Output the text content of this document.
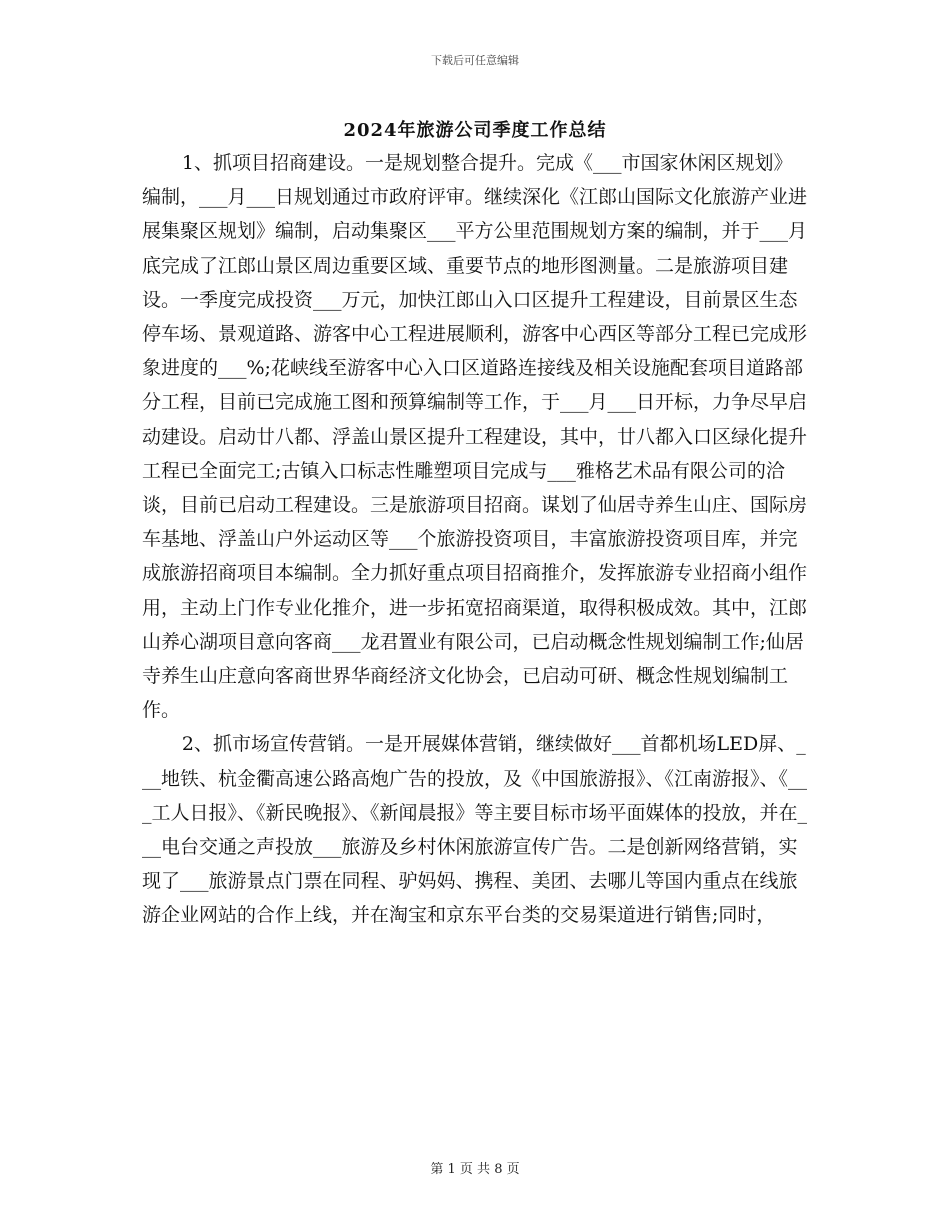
下载后可任意编辑
2024年旅游公司季度工作总结

1、抓项目招商建设。一是规划整合提升。完成《___市国家休闲区规划》编制，___月___日规划通过市政府评审。继续深化《江郎山国际文化旅游产业进展集聚区规划》编制，启动集聚区___平方公里范围规划方案的编制，并于___月底完成了江郎山景区周边重要区域、重要节点的地形图测量。二是旅游项目建设。一季度完成投资___万元，加快江郎山入口区提升工程建设，目前景区生态停车场、景观道路、游客中心工程进展顺利，游客中心西区等部分工程已完成形象进度的___%;花峡线至游客中心入口区道路连接线及相关设施配套项目道路部分工程，目前已完成施工图和预算编制等工作，于___月___日开标，力争尽早启动建设。启动廿八都、浮盖山景区提升工程建设，其中，廿八都入口区绿化提升工程已全面完工;古镇入口标志性雕塑项目完成与___雅格艺术品有限公司的洽谈，目前已启动工程建设。三是旅游项目招商。谋划了仙居寺养生山庄、国际房车基地、浮盖山户外运动区等___个旅游投资项目，丰富旅游投资项目库，并完成旅游招商项目本编制。全力抓好重点项目招商推介，发挥旅游专业招商小组作用，主动上门作专业化推介，进一步拓宽招商渠道，取得积极成效。其中，江郎山养心湖项目意向客商___龙君置业有限公司，已启动概念性规划编制工作;仙居寺养生山庄意向客商世界华商经济文化协会，已启动可研、概念性规划编制工作。

2、抓市场宣传营销。一是开展媒体营销，继续做好___首都机场LED屏、___地铁、杭金衢高速公路高炮广告的投放，及《中国旅游报》、《江南游报》、《___工人日报》、《新民晚报》、《新闻晨报》等主要目标市场平面媒体的投放，并在___电台交通之声投放___旅游及乡村休闲旅游宣传广告。二是创新网络营销，实现了___旅游景点门票在同程、驴妈妈、携程、美团、去哪儿等国内重点在线旅游企业网站的合作上线，并在淘宝和京东平台类的交易渠道进行销售;同时，

第 1 页 共 8 页
